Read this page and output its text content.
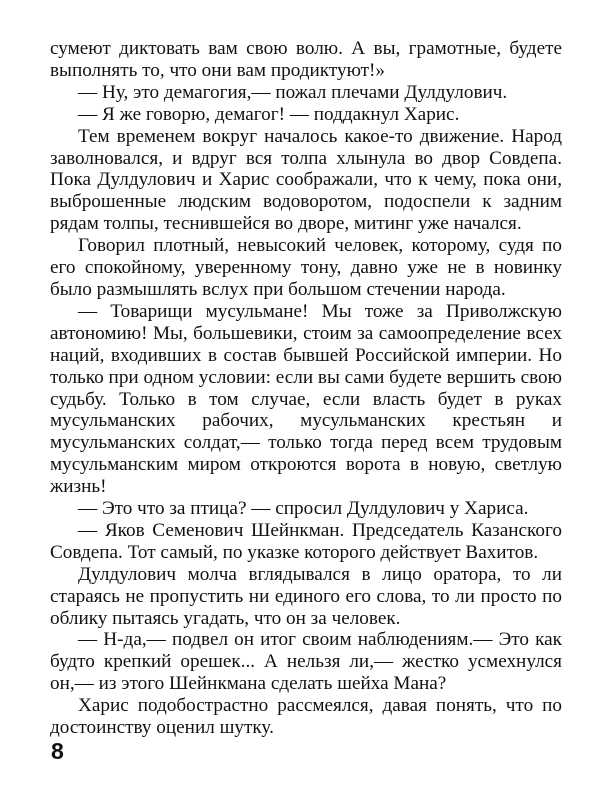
сумеют диктовать вам свою волю. А вы, грамотные, будете выполнять то, что они вам продиктуют!»

— Ну, это демагогия,— пожал плечами Дулдулович.

— Я же говорю, демагог! — поддакнул Харис.

Тем временем вокруг началось какое-то движение. Народ заволновался, и вдруг вся толпа хлынула во двор Совдепа. Пока Дулдулович и Харис соображали, что к чему, пока они, выброшенные людским водоворотом, подоспели к задним рядам толпы, теснившейся во дворе, митинг уже начался.

Говорил плотный, невысокий человек, которому, судя по его спокойному, уверенному тону, давно уже не в новинку было размышлять вслух при большом стечении народа.

— Товарищи мусульмане! Мы тоже за Приволжскую автономию! Мы, большевики, стоим за самоопределение всех наций, входивших в состав бывшей Российской империи. Но только при одном условии: если вы сами будете вершить свою судьбу. Только в том случае, если власть будет в руках мусульманских рабочих, мусульманских крестьян и мусульманских солдат,— только тогда перед всем трудовым мусульманским миром откроются ворота в новую, светлую жизнь!

— Это что за птица? — спросил Дулдулович у Хариса.

— Яков Семенович Шейнкман. Председатель Казанского Совдепа. Тот самый, по указке которого действует Вахитов.

Дулдулович молча вглядывался в лицо оратора, то ли стараясь не пропустить ни единого его слова, то ли просто по облику пытаясь угадать, что он за человек.

— Н-да,— подвел он итог своим наблюдениям.— Это как будто крепкий орешек... А нельзя ли,— жестко усмехнулся он,— из этого Шейнкмана сделать шейха Мана?

Харис подобострастно рассмеялся, давая понять, что по достоинству оценил шутку.

8
